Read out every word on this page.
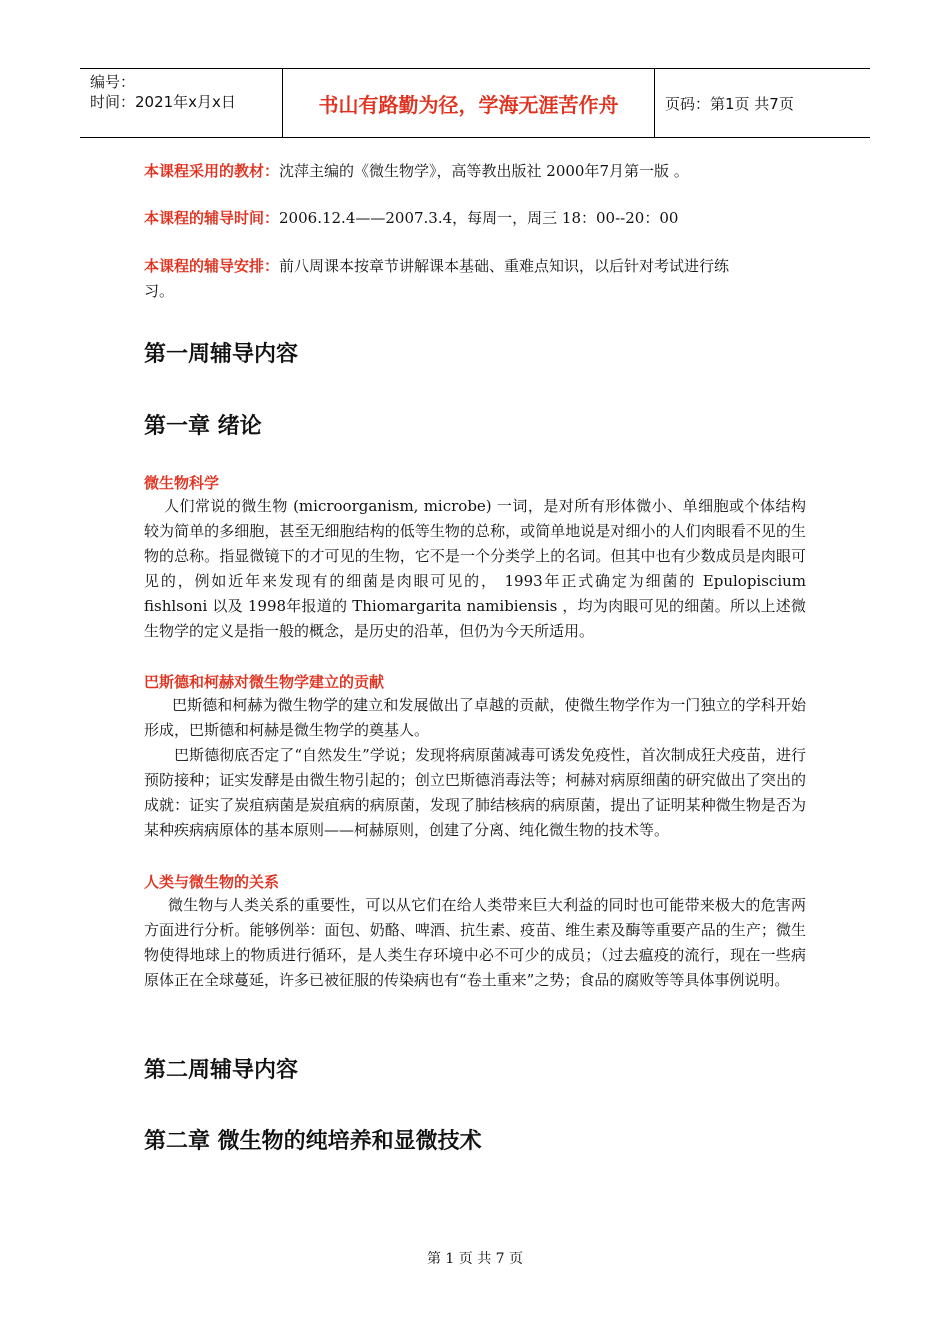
编号：
时间：2021年x月x日	书山有路勤为径，学海无涯苦作舟	页码：第1页 共7页
本课程采用的教材：沈萍主编的《微生物学》，高等教出版社 2000年7月第一版 。
本课程的辅导时间：2006.12.4——2007.3.4，每周一，周三 18：00--20：00
本课程的辅导安排：前八周课本按章节讲解课本基础、重难点知识，以后针对考试进行练
习。
第一周辅导内容
第一章 绪论
微生物科学
人们常说的微生物 (microorganism, microbe) 一词，是对所有形体微小、单细胞或个体结构较为简单的多细胞，甚至无细胞结构的低等生物的总称，或简单地说是对细小的人们肉眼看不见的生物的总称。指显微镜下的才可见的生物，它不是一个分类学上的名词。但其中也有少数成员是肉眼可见的，例如近年来发现有的细菌是肉眼可见的， 1993年正式确定为细菌的 Epulopiscium fishlsoni 以及 1998年报道的 Thiomargarita namibiensis ，均为肉眼可见的细菌。所以上述微生物学的定义是指一般的概念，是历史的沿革，但仍为今天所适用。
巴斯德和柯赫对微生物学建立的贡献
巴斯德和柯赫为微生物学的建立和发展做出了卓越的贡献，使微生物学作为一门独立的学科开始形成，巴斯德和柯赫是微生物学的奠基人。
巴斯德彻底否定了“自然发生”学说；发现将病原菌减毒可诱发免疫性，首次制成狂犬疫苗，进行预防接种；证实发酵是由微生物引起的；创立巴斯德消毒法等；柯赫对病原细菌的研究做出了突出的成就：证实了炭疽病菌是炭疽病的病原菌，发现了肺结核病的病原菌，提出了证明某种微生物是否为某种疾病病原体的基本原则——柯赫原则，创建了分离、纯化微生物的技术等。
人类与微生物的关系
微生物与人类关系的重要性，可以从它们在给人类带来巨大利益的同时也可能带来极大的危害两方面进行分析。能够例举：面包、奶酪、啤酒、抗生素、疫苗、维生素及酶等重要产品的生产；微生物使得地球上的物质进行循环，是人类生存环境中必不可少的成员；（过去瘟疫的流行，现在一些病原体正在全球蔓延，许多已被征服的传染病也有“卷土重来”之势；食品的腐败等等具体事例说明。
第二周辅导内容
第二章 微生物的纯培养和显微技术
第 1 页 共 7 页
